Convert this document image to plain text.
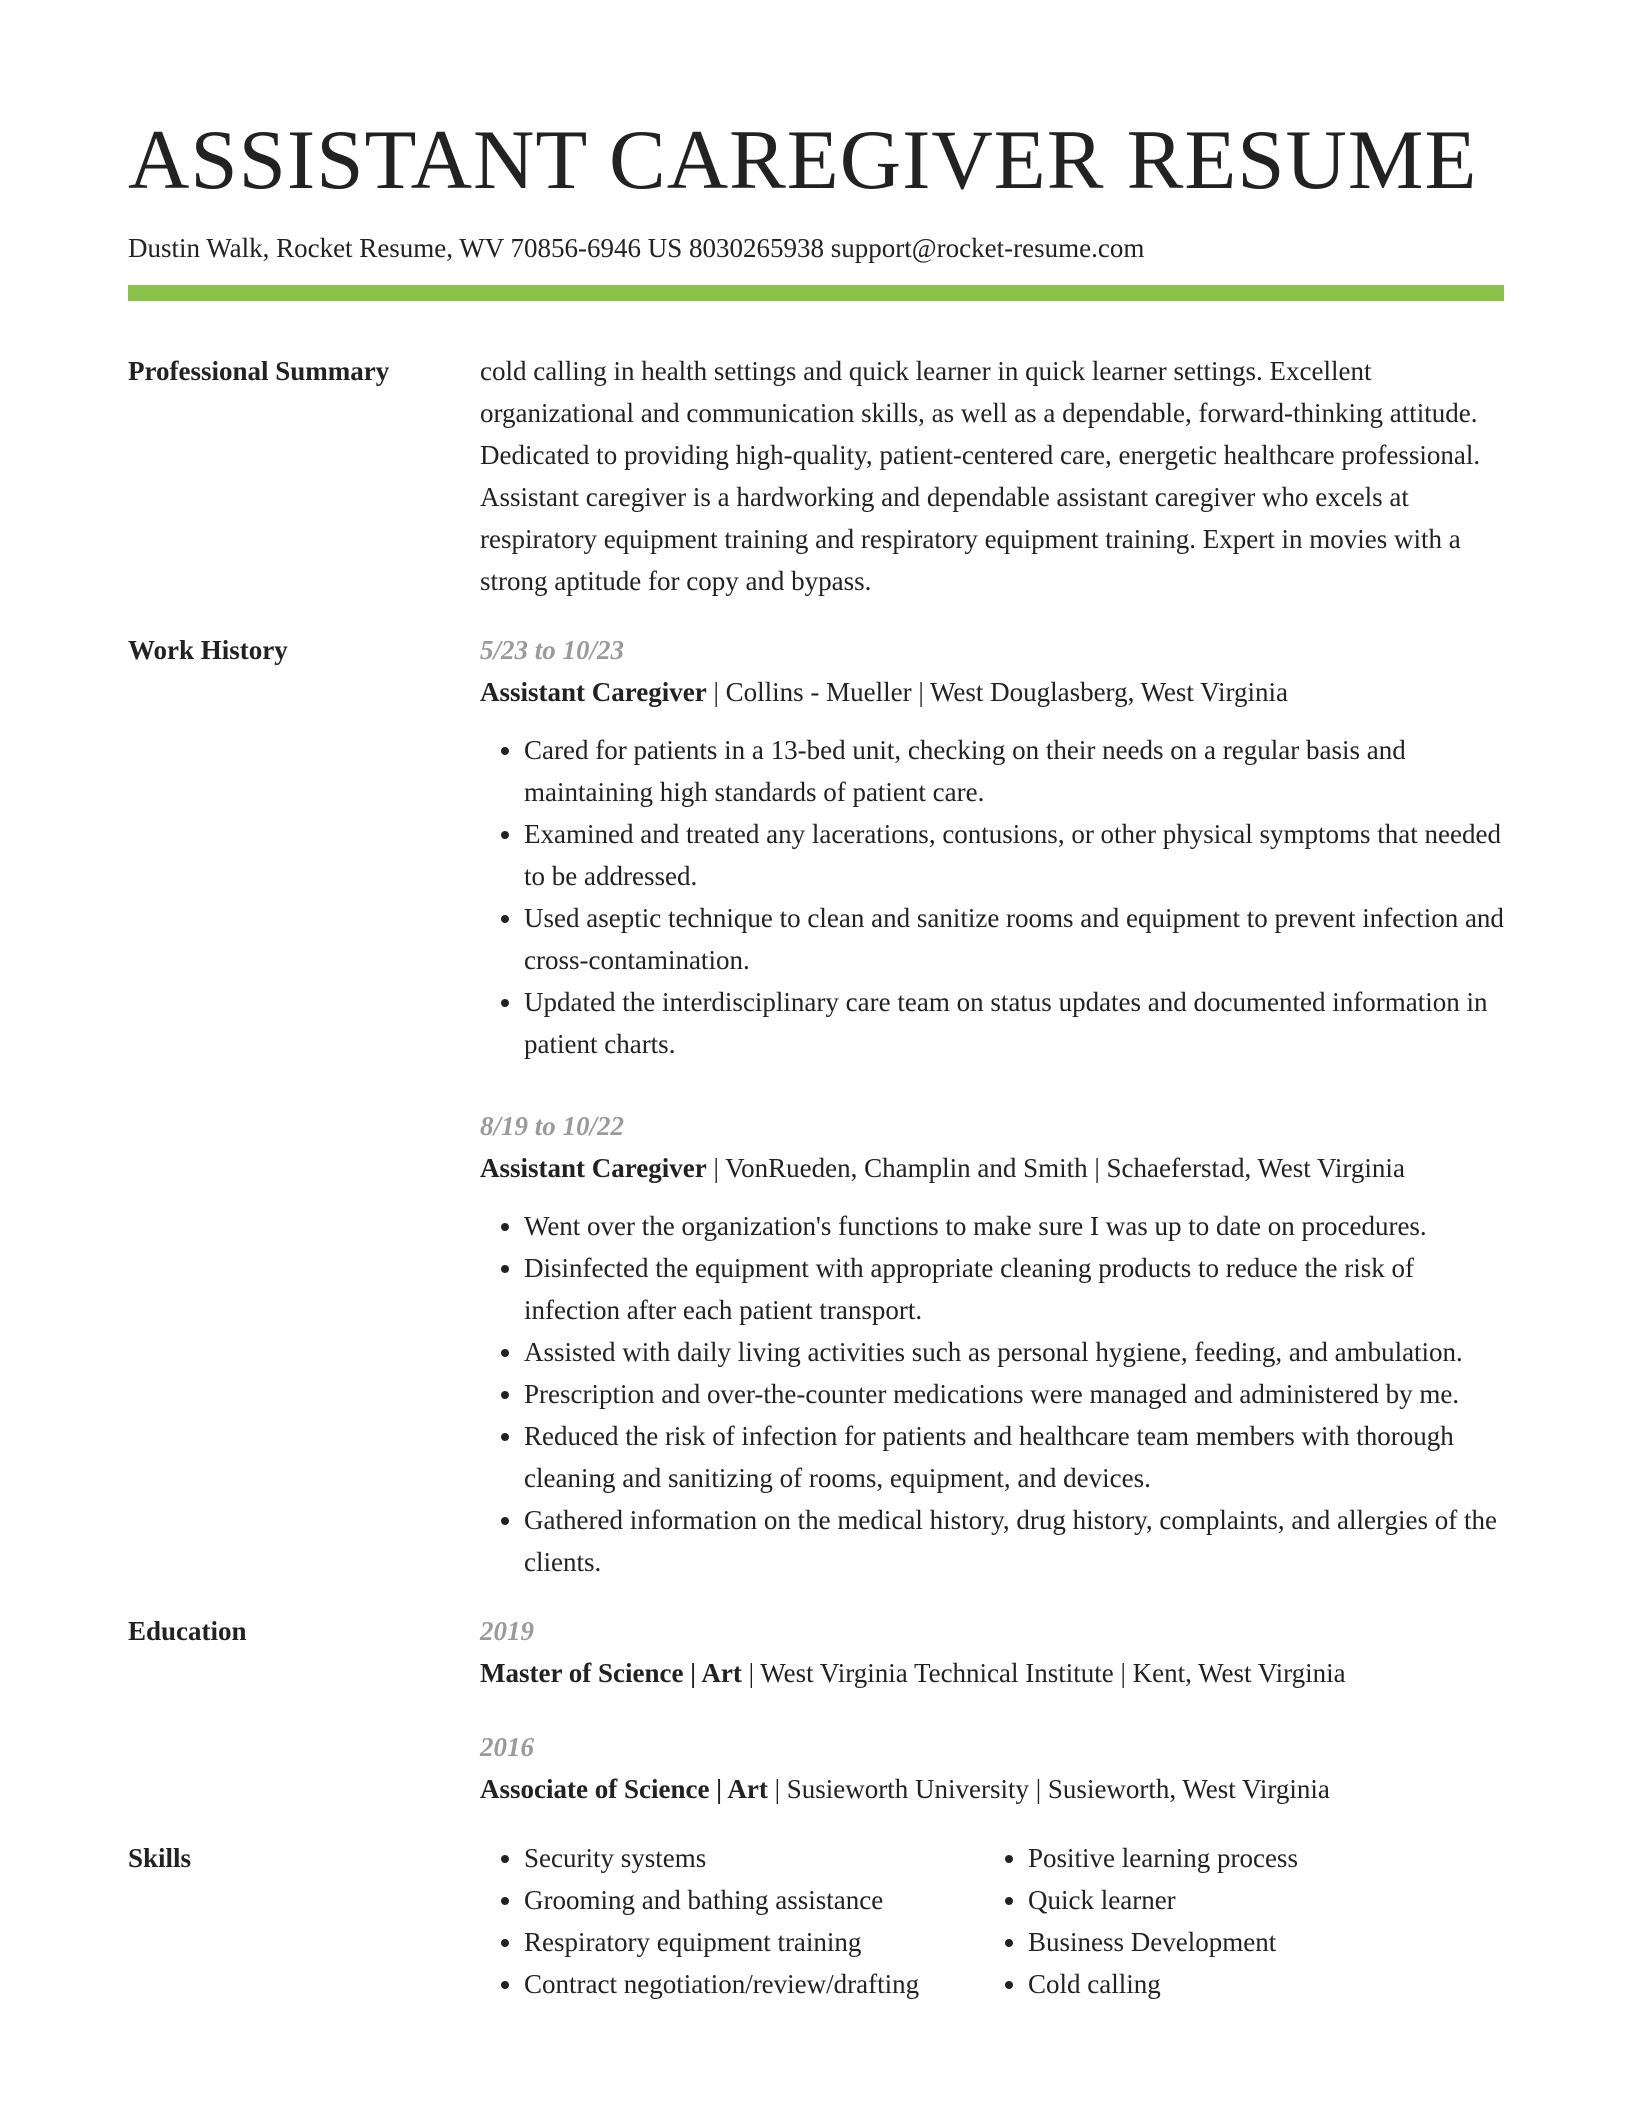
ASSISTANT CAREGIVER RESUME
Dustin Walk, Rocket Resume, WV 70856-6946 US 8030265938 support@rocket-resume.com
Professional Summary	cold calling in health settings and quick learner in quick learner settings. Excellent organizational and communication skills, as well as a dependable, forward-thinking attitude. Dedicated to providing high-quality, patient-centered care, energetic healthcare professional. Assistant caregiver is a hardworking and dependable assistant caregiver who excels at respiratory equipment training and respiratory equipment training. Expert in movies with a strong aptitude for copy and bypass.

Work History	5/23 to 10/23
Assistant Caregiver | Collins - Mueller | West Douglasberg, West Virginia
• Cared for patients in a 13-bed unit, checking on their needs on a regular basis and maintaining high standards of patient care.
• Examined and treated any lacerations, contusions, or other physical symptoms that needed to be addressed.
• Used aseptic technique to clean and sanitize rooms and equipment to prevent infection and cross-contamination.
• Updated the interdisciplinary care team on status updates and documented information in patient charts.
8/19 to 10/22
Assistant Caregiver | VonRueden, Champlin and Smith | Schaeferstad, West Virginia
• Went over the organization's functions to make sure I was up to date on procedures.
• Disinfected the equipment with appropriate cleaning products to reduce the risk of infection after each patient transport.
• Assisted with daily living activities such as personal hygiene, feeding, and ambulation.
• Prescription and over-the-counter medications were managed and administered by me.
• Reduced the risk of infection for patients and healthcare team members with thorough cleaning and sanitizing of rooms, equipment, and devices.
• Gathered information on the medical history, drug history, complaints, and allergies of the clients.
Education	2019
Master of Science | Art | West Virginia Technical Institute | Kent, West Virginia
2016
Associate of Science | Art | Susieworth University | Susieworth, West Virginia
Skills
•	Security systems
• Grooming and bathing assistance
• Respiratory equipment training
• Contract negotiation/review/drafting
• Positive learning process
• Quick learner
• Business Development
• Cold calling
